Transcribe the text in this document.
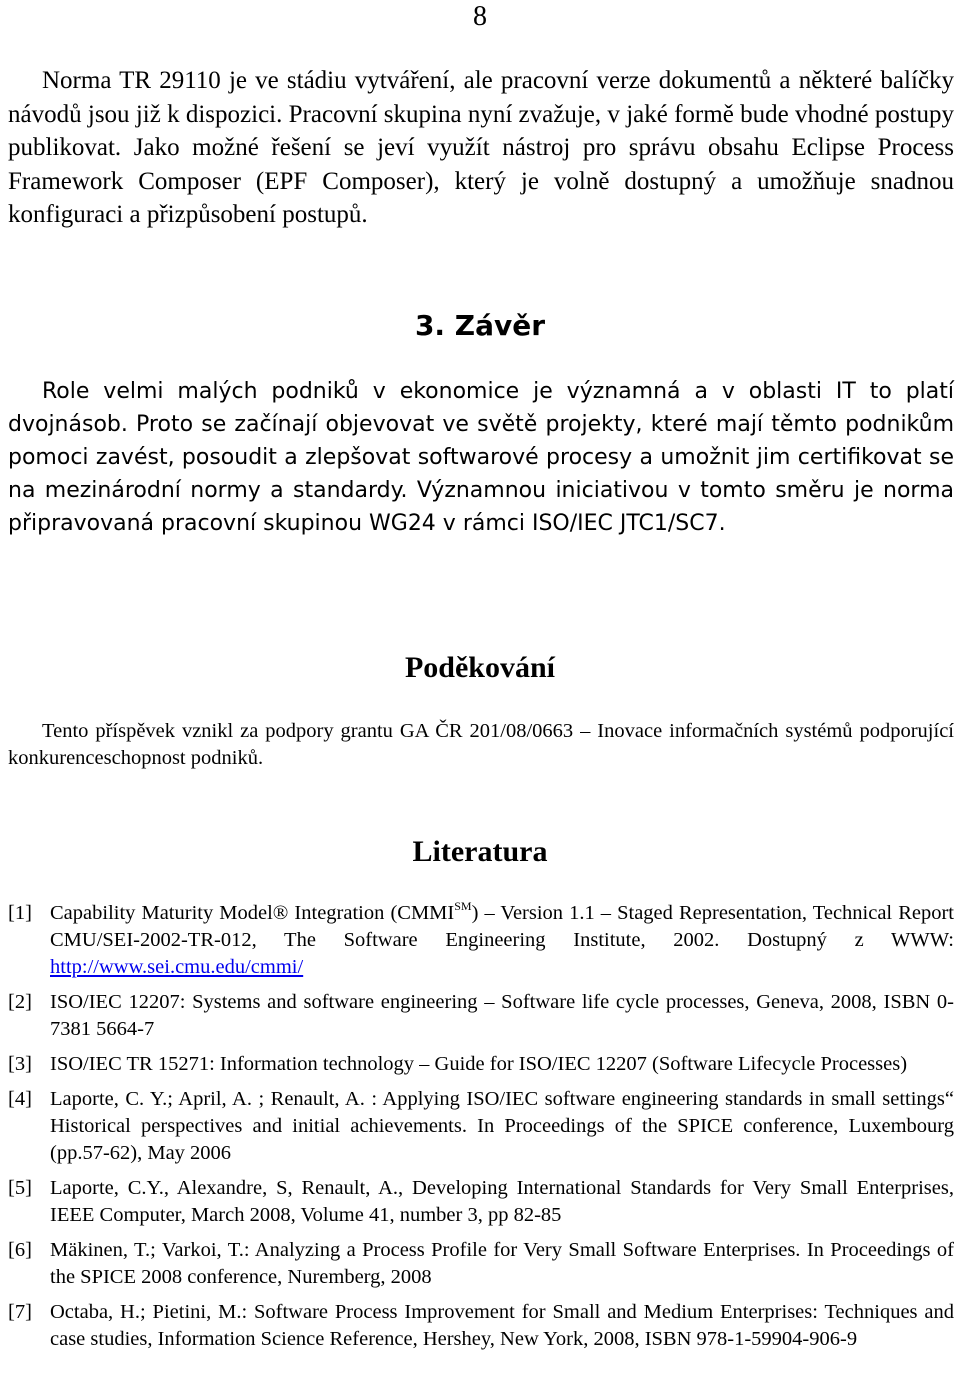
8

Norma TR 29110 je ve stádiu vytváření, ale pracovní verze dokumentů a některé balíčky návodů jsou již k dispozici. Pracovní skupina nyní zvažuje, v jaké formě bude vhodné postupy publikovat. Jako možné řešení se jeví využít nástroj pro správu obsahu Eclipse Process Framework Composer (EPF Composer), který je volně dostupný a umožňuje snadnou konfiguraci a přizpůsobení postupů.

3. Závěr

Role velmi malých podniků v ekonomice je významná a v oblasti IT to platí dvojnásob. Proto se začínají objevovat ve světě projekty, které mají těmto podnikům pomoci zavést, posoudit a zlepšovat softwarové procesy a umožnit jim certifikovat se na mezinárodní normy a standardy. Významnou iniciativou v tomto směru je norma připravovaná pracovní skupinou WG24 v rámci ISO/IEC JTC1/SC7.

Poděkování

Tento příspěvek vznikl za podpory grantu GA ČR 201/08/0663 – Inovace informačních systémů podporující konkurenceschopnost podniků.

Literatura
[1] Capability Maturity Model® Integration (CMMI℠) – Version 1.1 – Staged Representation, Technical Report CMU/SEI-2002-TR-012, The Software Engineering Institute, 2002. Dostupný z WWW: http://www.sei.cmu.edu/cmmi/
[2] ISO/IEC 12207: Systems and software engineering – Software life cycle processes, Geneva, 2008, ISBN 0-7381 5664-7
[3] ISO/IEC TR 15271: Information technology – Guide for ISO/IEC 12207 (Software Lifecycle Processes)
[4] Laporte, C. Y.; April, A. ; Renault, A. : Applying ISO/IEC software engineering standards in small settings“ Historical perspectives and initial achievements. In Proceedings of the SPICE conference, Luxembourg (pp.57-62), May 2006
[5] Laporte, C.Y., Alexandre, S, Renault, A., Developing International Standards for Very Small Enterprises, IEEE Computer, March 2008, Volume 41, number 3, pp 82-85
[6] Mäkinen, T.; Varkoi, T.: Analyzing a Process Profile for Very Small Software Enterprises. In Proceedings of the SPICE 2008 conference, Nuremberg, 2008
[7] Octaba, H.; Pietini, M.: Software Process Improvement for Small and Medium Enterprises: Techniques and case studies, Information Science Reference, Hershey, New York, 2008, ISBN 978-1-59904-906-9
